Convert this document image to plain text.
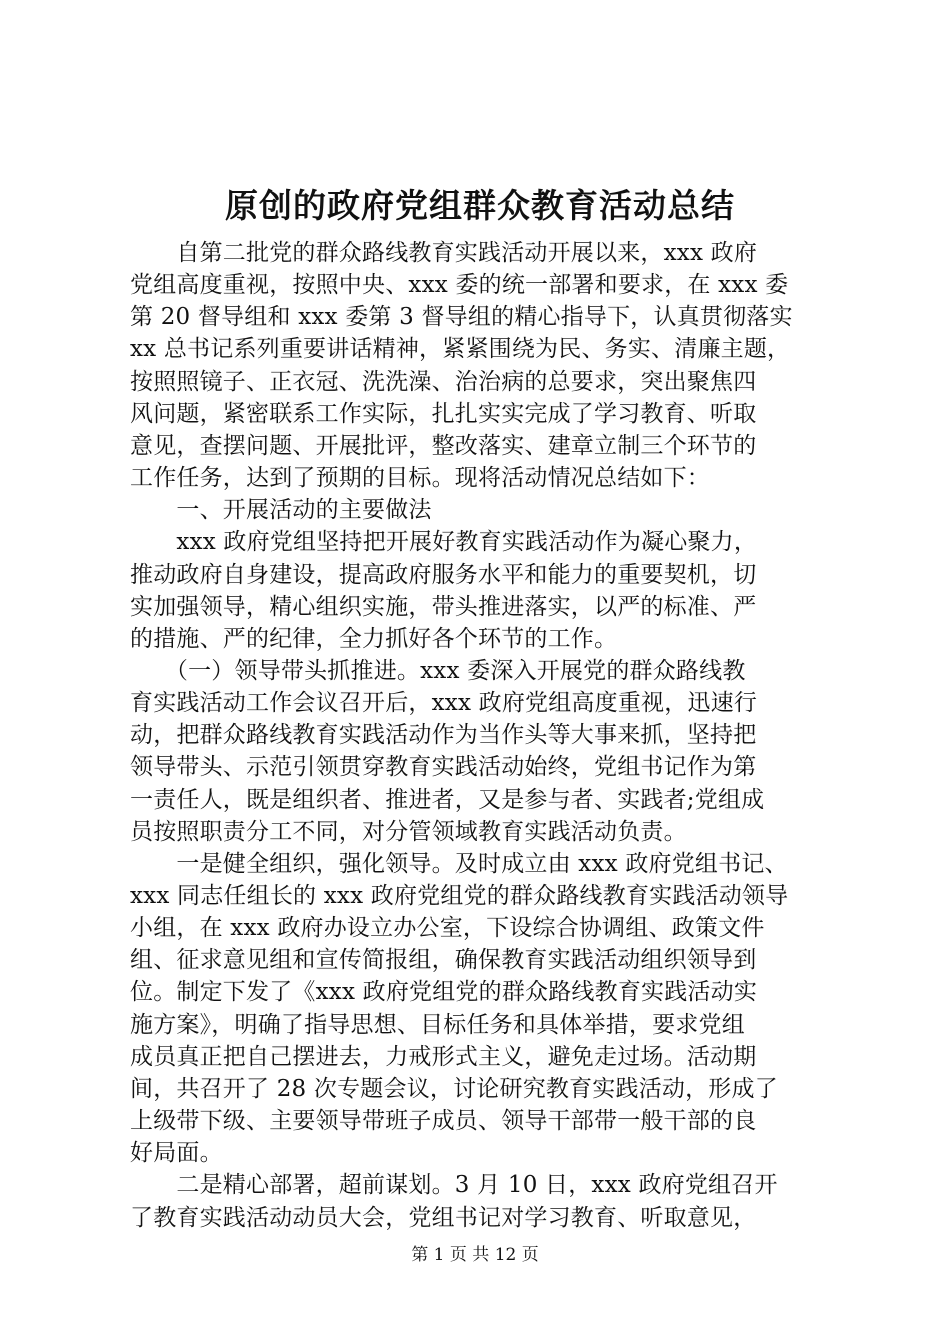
原创的政府党组群众教育活动总结
　　自第二批党的群众路线教育实践活动开展以来，xxx 政府
党组高度重视，按照中央、xxx 委的统一部署和要求，在 xxx 委
第 20 督导组和 xxx 委第 3 督导组的精心指导下，认真贯彻落实
xx 总书记系列重要讲话精神，紧紧围绕为民、务实、清廉主题，
按照照镜子、正衣冠、洗洗澡、治治病的总要求，突出聚焦四
风问题，紧密联系工作实际，扎扎实实完成了学习教育、听取
意见，查摆问题、开展批评，整改落实、建章立制三个环节的
工作任务，达到了预期的目标。现将活动情况总结如下：
　　一、开展活动的主要做法
　　xxx 政府党组坚持把开展好教育实践活动作为凝心聚力，
推动政府自身建设，提高政府服务水平和能力的重要契机，切
实加强领导，精心组织实施，带头推进落实，以严的标准、严
的措施、严的纪律，全力抓好各个环节的工作。
　　（一）领导带头抓推进。xxx 委深入开展党的群众路线教
育实践活动工作会议召开后，xxx 政府党组高度重视，迅速行
动，把群众路线教育实践活动作为当作头等大事来抓，坚持把
领导带头、示范引领贯穿教育实践活动始终，党组书记作为第
一责任人，既是组织者、推进者，又是参与者、实践者;党组成
员按照职责分工不同，对分管领域教育实践活动负责。
　　一是健全组织，强化领导。及时成立由 xxx 政府党组书记、
xxx 同志任组长的 xxx 政府党组党的群众路线教育实践活动领导
小组，在 xxx 政府办设立办公室，下设综合协调组、政策文件
组、征求意见组和宣传简报组，确保教育实践活动组织领导到
位。制定下发了《xxx 政府党组党的群众路线教育实践活动实
施方案》，明确了指导思想、目标任务和具体举措，要求党组
成员真正把自己摆进去，力戒形式主义，避免走过场。活动期
间，共召开了 28 次专题会议，讨论研究教育实践活动，形成了
上级带下级、主要领导带班子成员、领导干部带一般干部的良
好局面。
　　二是精心部署，超前谋划。3 月 10 日，xxx 政府党组召开
了教育实践活动动员大会，党组书记对学习教育、听取意见，
第 1 页 共 12 页
